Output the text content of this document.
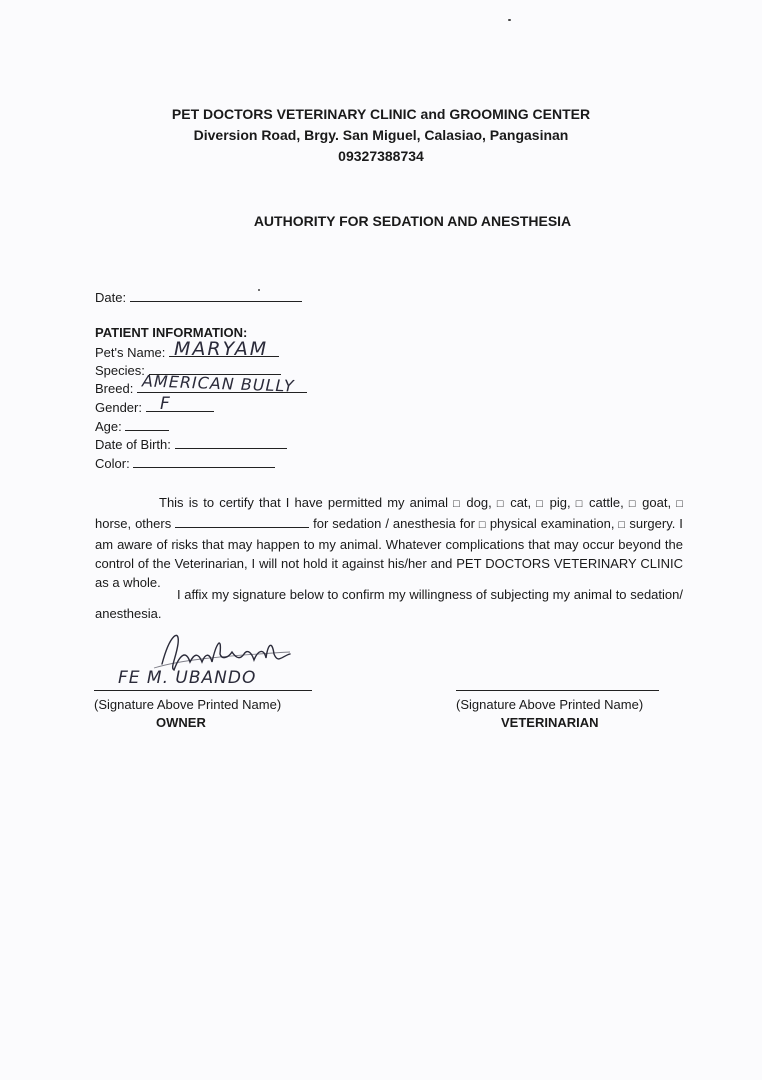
PET DOCTORS VETERINARY CLINIC and GROOMING CENTER
Diversion Road, Brgy. San Miguel, Calasiao, Pangasinan
09327388734
AUTHORITY FOR SEDATION AND ANESTHESIA
Date:
PATIENT INFORMATION:
Pet's Name: MARYAM
Species:
Breed: AMERICAN BULLY
Gender:	F
Age:
Date of Birth:
Color:
This is to certify that I have permitted my animal □ dog, □ cat, □ pig, □ cattle, □ goat, □ horse, others	for sedation / anesthesia for □ physical examination, □ surgery. I am aware of risks that may happen to my animal. Whatever complications that may occur beyond the control of the Veterinarian, I will not hold it against his/her and PET DOCTORS VETERINARY CLINIC as a whole.
I affix my signature below to confirm my willingness of subjecting my animal to sedation/ anesthesia.
FE M. UBANDO
(Signature Above Printed Name)
OWNER
(Signature Above Printed Name)
VETERINARIAN
